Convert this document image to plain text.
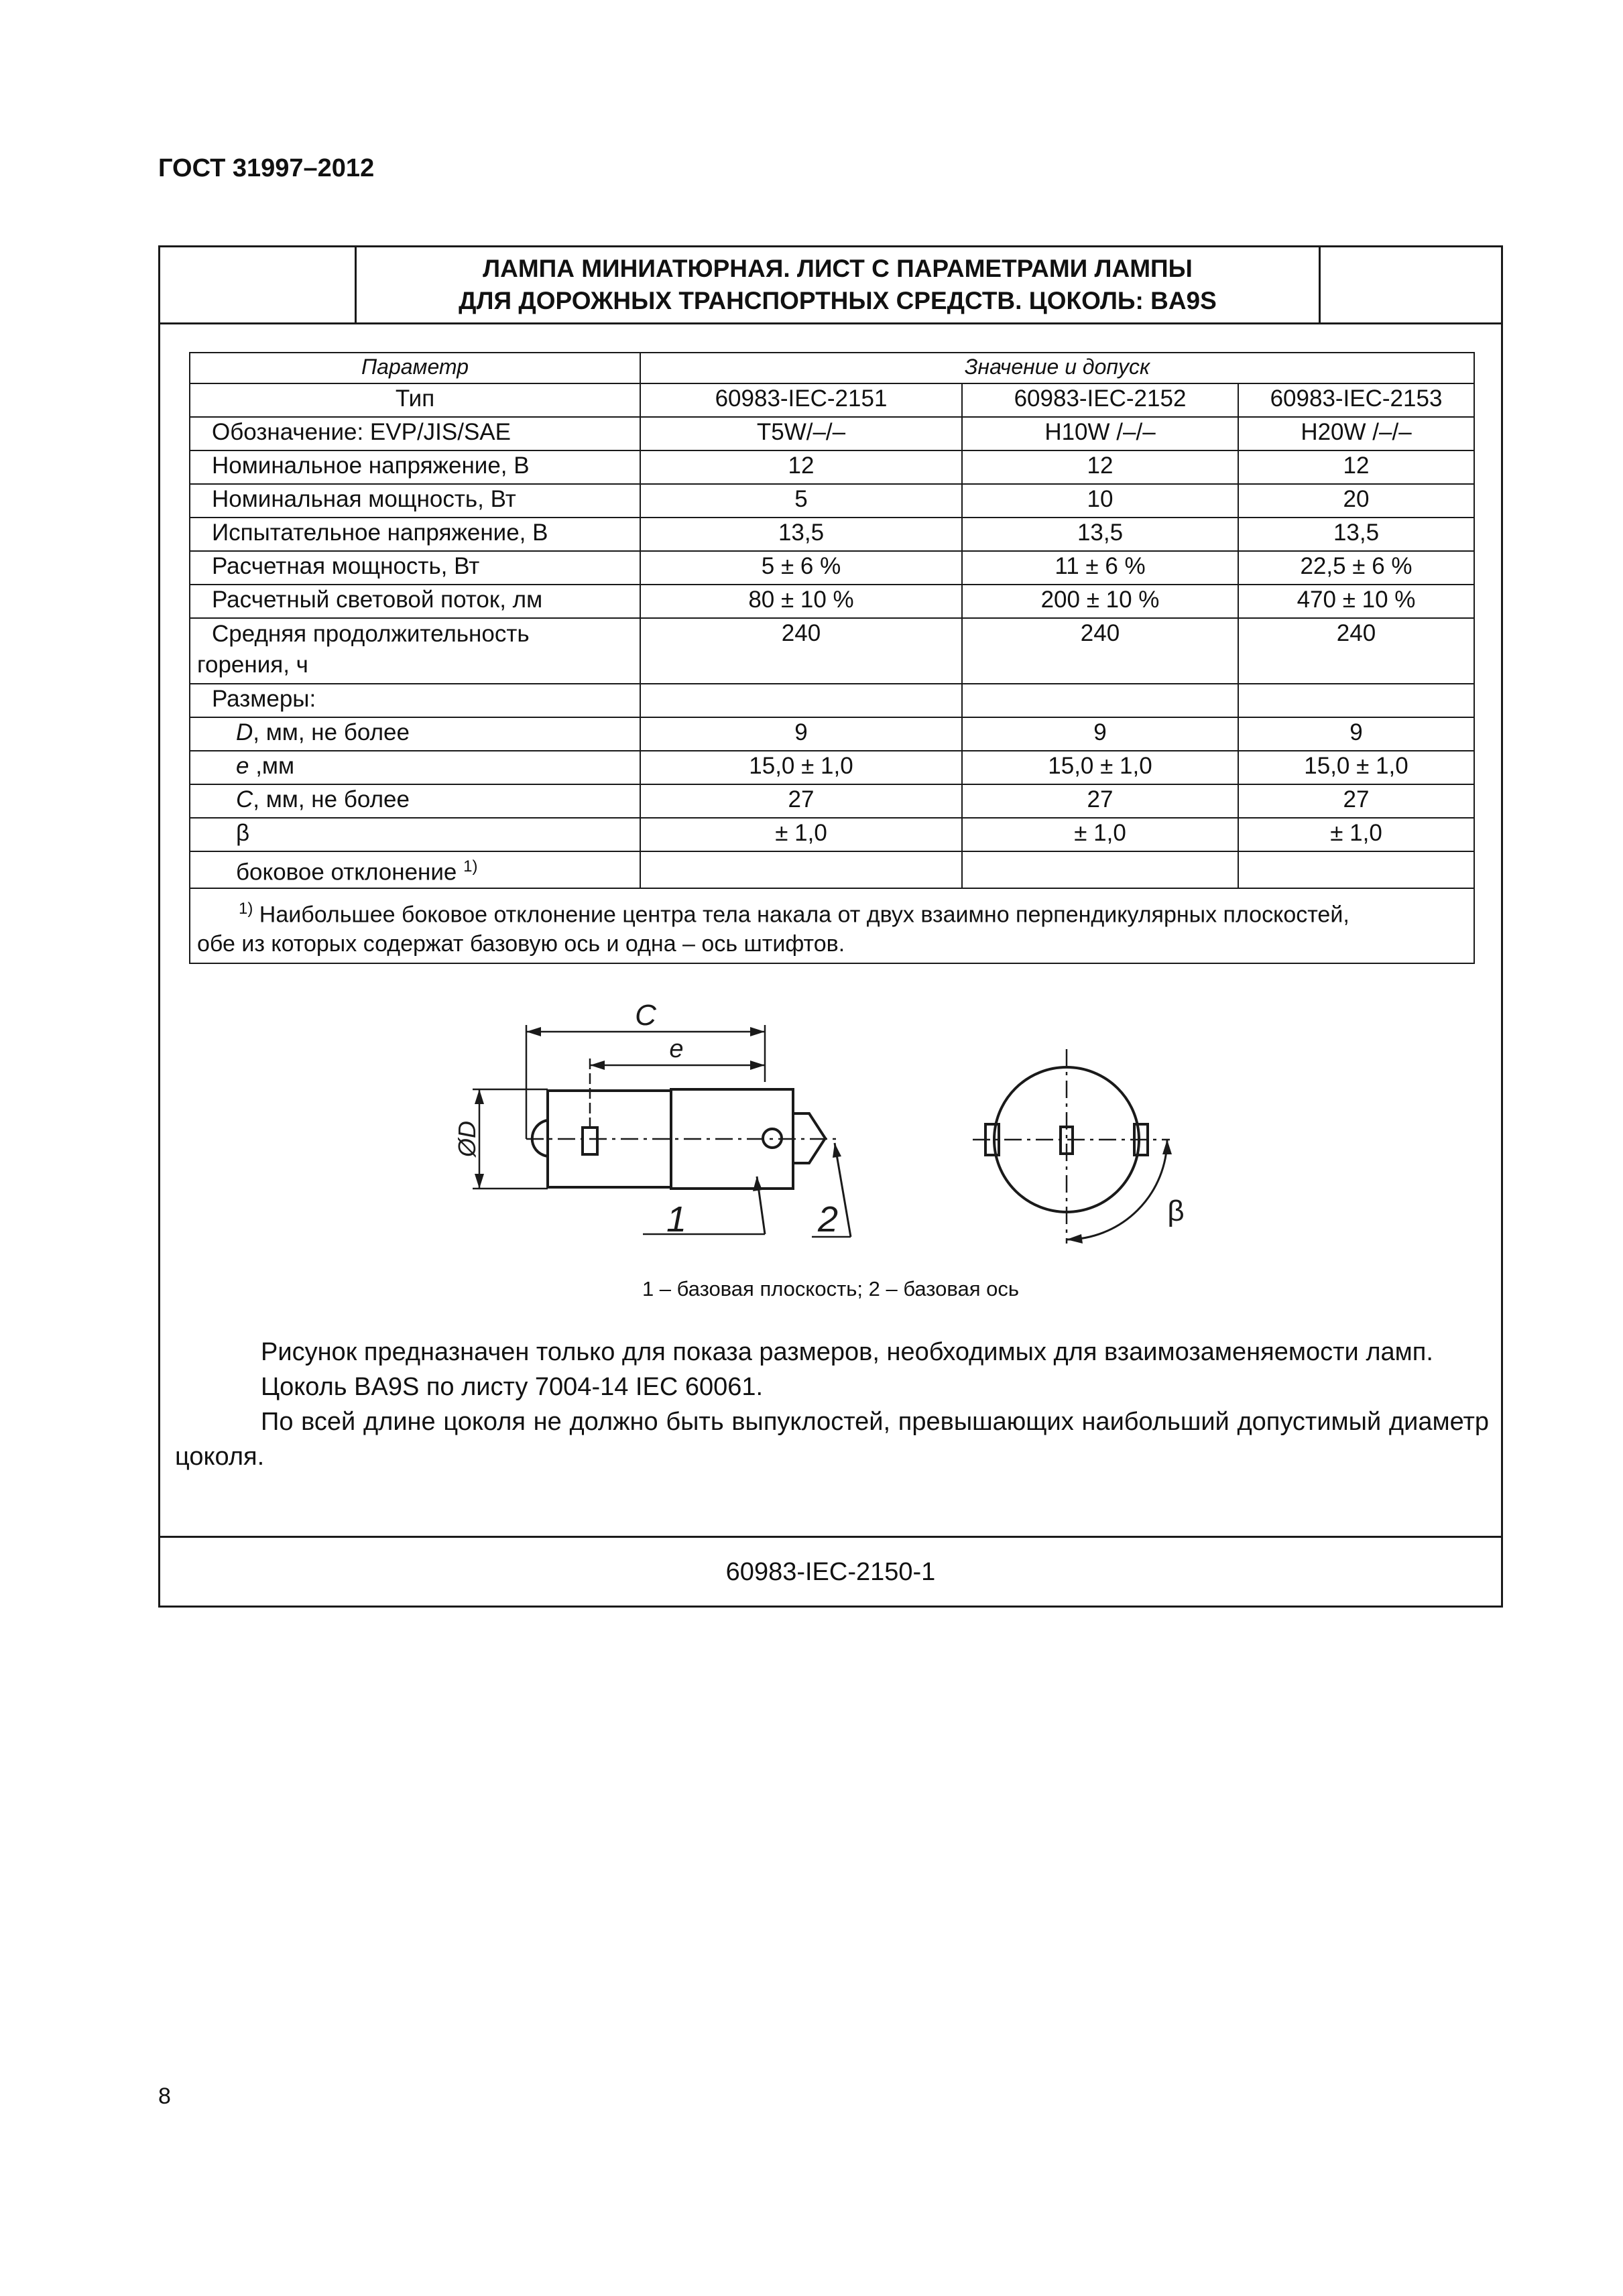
ГОСТ 31997–2012
ЛАМПА МИНИАТЮРНАЯ. ЛИСТ С ПАРАМЕТРАМИ ЛАМПЫ
ДЛЯ ДОРОЖНЫХ ТРАНСПОРТНЫХ СРЕДСТВ. ЦОКОЛЬ: BA9S
Параметр	Значение и допуск		
Тип	60983-IEC-2151	60983-IEC-2152	60983-IEC-2153
Обозначение: EVP/JIS/SAE	T5W/–/–	H10W /–/–	H20W /–/–
Номинальное напряжение, В	12	12	12
Номинальная мощность, Вт	5	10	20
Испытательное напряжение, В	13,5	13,5	13,5
Расчетная мощность, Вт	5 ± 6 %	11 ± 6 %	22,5 ± 6 %
Расчетный световой поток, лм	80 ± 10 %	200 ± 10 %	470 ± 10 %

Средняя продолжительность
горения, ч	240	240	240
Размеры:			
D, мм, не более	9	9	9
e ,мм	15,0 ± 1,0	15,0 ± 1,0	15,0 ± 1,0
C, мм, не более	27	27	27
β	± 1,0	± 1,0	± 1,0
боковое отклонение $^{1)}$			

$^{1)}$ Наибольшее боковое отклонение центра тела накала от двух взаимно перпендикулярных плоскостей,
обе из которых содержат базовую ось и одна – ось штифтов.			
C
e
ØD
1	2	β
1 – базовая плоскость; 2 – базовая ось

Рисунок предназначен только для показа размеров, необходимых для взаимозаменяемости ламп.

Цоколь BA9S по листу 7004-14 IEC 60061.

По всей длине цоколя не должно быть выпуклостей, превышающих наибольший допустимый диаметр цоколя.

60983-IEC-2150-1
8
